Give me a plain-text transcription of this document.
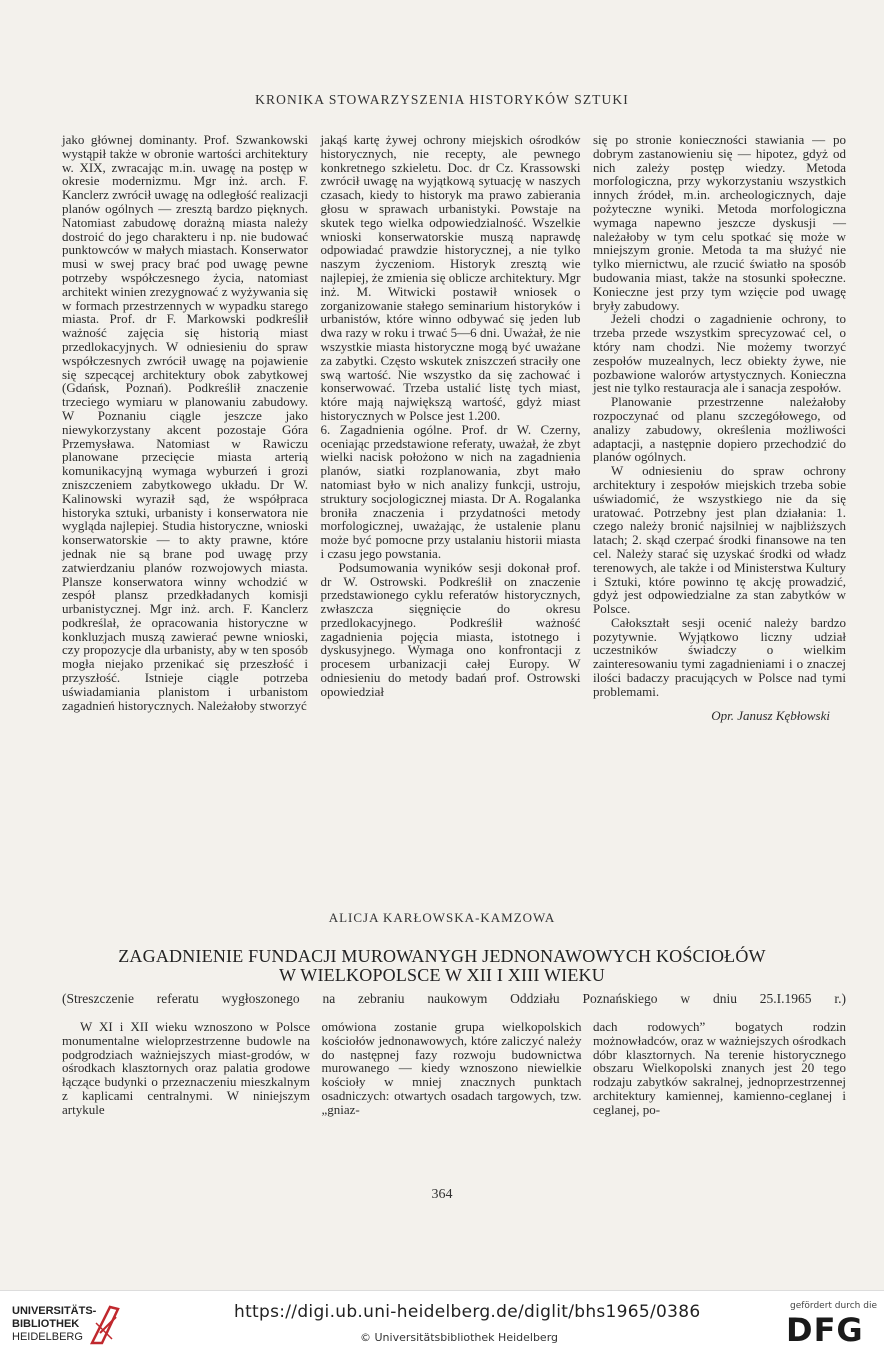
KRONIKA STOWARZYSZENIA HISTORYKÓW SZTUKI

jako głównej dominanty. Prof. Szwankowski wystąpił także w obronie wartości architektury w. XIX, zwracając m.in. uwagę na postęp w okresie modernizmu. Mgr inż. arch. F. Kanclerz zwrócił uwagę na odległość realizacji planów ogólnych — zresztą bardzo pięknych. Natomiast zabudowę dorażną miasta należy dostroić do jego charakteru i np. nie budować punktowców w małych miastach. Konserwator musi w swej pracy brać pod uwagę pewne potrzeby współczesnego życia, natomiast architekt winien zrezygnować z wyżywania się w formach przestrzennych w wypadku starego miasta. Prof. dr F. Markowski podkreślił ważność zajęcia się historią miast przedlokacyjnych. W odniesieniu do spraw współczesnych zwrócił uwagę na pojawienie się szpecącej architektury obok zabytkowej (Gdańsk, Poznań). Podkreślił znaczenie trzeciego wymiaru w planowaniu zabudowy. W Poznaniu ciągle jeszcze jako niewykorzystany akcent pozostaje Góra Przemysława. Natomiast w Rawiczu planowane przecięcie miasta arterią komunikacyjną wymaga wyburzeń i grozi zniszczeniem zabytkowego układu. Dr W. Kalinowski wyraził sąd, że współpraca historyka sztuki, urbanisty i konserwatora nie wygląda najlepiej. Studia historyczne, wnioski konserwatorskie — to akty prawne, które jednak nie są brane pod uwagę przy zatwierdzaniu planów rozwojowych miasta. Plansze konserwatora winny wchodzić w zespół plansz przedkładanych komisji urbanistycznej. Mgr inż. arch. F. Kanclerz podkreślał, że opracowania historyczne w konkluzjach muszą zawierać pewne wnioski, czy propozycje dla urbanisty, aby w ten sposób mogła niejako przenikać się przeszłość i przyszłość. Istnieje ciągle potrzeba uświadamiania planistom i urbanistom zagadnień historycznych. Należałoby stworzyć

jakąś kartę żywej ochrony miejskich ośrodków historycznych, nie recepty, ale pewnego konkretnego szkieletu. Doc. dr Cz. Krassowski zwrócił uwagę na wyjątkową sytuację w naszych czasach, kiedy to historyk ma prawo zabierania głosu w sprawach urbanistyki. Powstaje na skutek tego wielka odpowiedzialność. Wszelkie wnioski konserwatorskie muszą naprawdę odpowiadać prawdzie historycznej, a nie tylko naszym życzeniom. Historyk zresztą wie najlepiej, że zmienia się oblicze architektury. Mgr inż. M. Witwicki postawił wniosek o zorganizowanie stałego seminarium historyków i urbanistów, które winno odbywać się jeden lub dwa razy w roku i trwać 5—6 dni. Uważał, że nie wszystkie miasta historyczne mogą być uważane za zabytki. Często wskutek zniszczeń straciły one swą wartość. Nie wszystko da się zachować i konserwować. Trzeba ustalić listę tych miast, które mają największą wartość, gdyż miast historycznych w Polsce jest 1.200.

6. Zagadnienia ogólne. Prof. dr W. Czerny, oceniając przedstawione referaty, uważał, że zbyt wielki nacisk położono w nich na zagadnienia planów, siatki rozplanowania, zbyt mało natomiast było w nich analizy funkcji, ustroju, struktury socjologicznej miasta. Dr A. Rogalanka broniła znaczenia i przydatności metody morfologicznej, uważając, że ustalenie planu może być pomocne przy ustalaniu historii miasta i czasu jego powstania.

Podsumowania wyników sesji dokonał prof. dr W. Ostrowski. Podkreślił on znaczenie przedstawionego cyklu referatów historycznych, zwłaszcza sięgnięcie do okresu przedlokacyjnego. Podkreślił ważność zagadnienia pojęcia miasta, istotnego i dyskusyjnego. Wymaga ono konfrontacji z procesem urbanizacji całej Europy. W odniesieniu do metody badań prof. Ostrowski opowiedział

się po stronie konieczności stawiania — po dobrym zastanowieniu się — hipotez, gdyż od nich zależy postęp wiedzy. Metoda morfologiczna, przy wykorzystaniu wszystkich innych źródeł, m.in. archeologicznych, daje pożyteczne wyniki. Metoda morfologiczna wymaga napewno jeszcze dyskusji — należałoby w tym celu spotkać się może w mniejszym gronie. Metoda ta ma służyć nie tylko miernictwu, ale rzucić światło na sposób budowania miast, także na stosunki społeczne. Konieczne jest przy tym wzięcie pod uwagę bryły zabudowy.

Jeżeli chodzi o zagadnienie ochrony, to trzeba przede wszystkim sprecyzować cel, o który nam chodzi. Nie możemy tworzyć zespołów muzealnych, lecz obiekty żywe, nie pozbawione walorów artystycznych. Konieczna jest nie tylko restauracja ale i sanacja zespołów.

Planowanie przestrzenne należałoby rozpoczynać od planu szczegółowego, od analizy zabudowy, określenia możliwości adaptacji, a następnie dopiero przechodzić do planów ogólnych.

W odniesieniu do spraw ochrony architektury i zespołów miejskich trzeba sobie uświadomić, że wszystkiego nie da się uratować. Potrzebny jest plan działania: 1. czego należy bronić najsilniej w najbliższych latach; 2. skąd czerpać środki finansowe na ten cel. Należy starać się uzyskać środki od władz terenowych, ale także i od Ministerstwa Kultury i Sztuki, które powinno tę akcję prowadzić, gdyż jest odpowiedzialne za stan zabytków w Polsce.

Całokształt sesji ocenić należy bardzo pozytywnie. Wyjątkowo liczny udział uczestników świadczy o wielkim zainteresowaniu tymi zagadnieniami i o znaczej ilości badaczy pracujących w Polsce nad tymi problemami.

Opr. Janusz Kębłowski

ALICJA KARŁOWSKA-KAMZOWA
ZAGADNIENIE FUNDACJI MUROWANYGH JEDNONAWOWYCH KOŚCIOŁÓW
W WIELKOPOLSCE W XII I XIII WIEKU
(Streszczenie referatu wygłoszonego na zebraniu naukowym Oddziału Poznańskiego w dniu 25.I.1965 r.)

W XI i XII wieku wznoszono w Polsce monumentalne wieloprzestrzenne budowle na podgrodziach ważniejszych miast-grodów, w ośrodkach klasztornych oraz palatia grodowe łączące budynki o przeznaczeniu mieszkalnym z kaplicami centralnymi. W niniejszym artykule

omówiona zostanie grupa wielkopolskich kościołów jednonawowych, które zaliczyć należy do następnej fazy rozwoju budownictwa murowanego — kiedy wznoszono niewielkie kościoły w mniej znacznych punktach osadniczych: otwartych osadach targowych, tzw. „gniaz-

dach rodowych” bogatych rodzin możnowładców, oraz w ważniejszych ośrodkach dóbr klasztornych. Na terenie historycznego obszaru Wielkopolski znanych jest 20 tego rodzaju zabytków sakralnej, jednoprzestrzennej architektury kamiennej, kamienno-ceglanej i ceglanej, po-

364
UNIVERSITÄTS-
BIBLIOTHEK
HEIDELBERG
https://digi.ub.uni-heidelberg.de/diglit/bhs1965/0386
© Universitätsbibliothek Heidelberg
gefördert durch die
DFG
